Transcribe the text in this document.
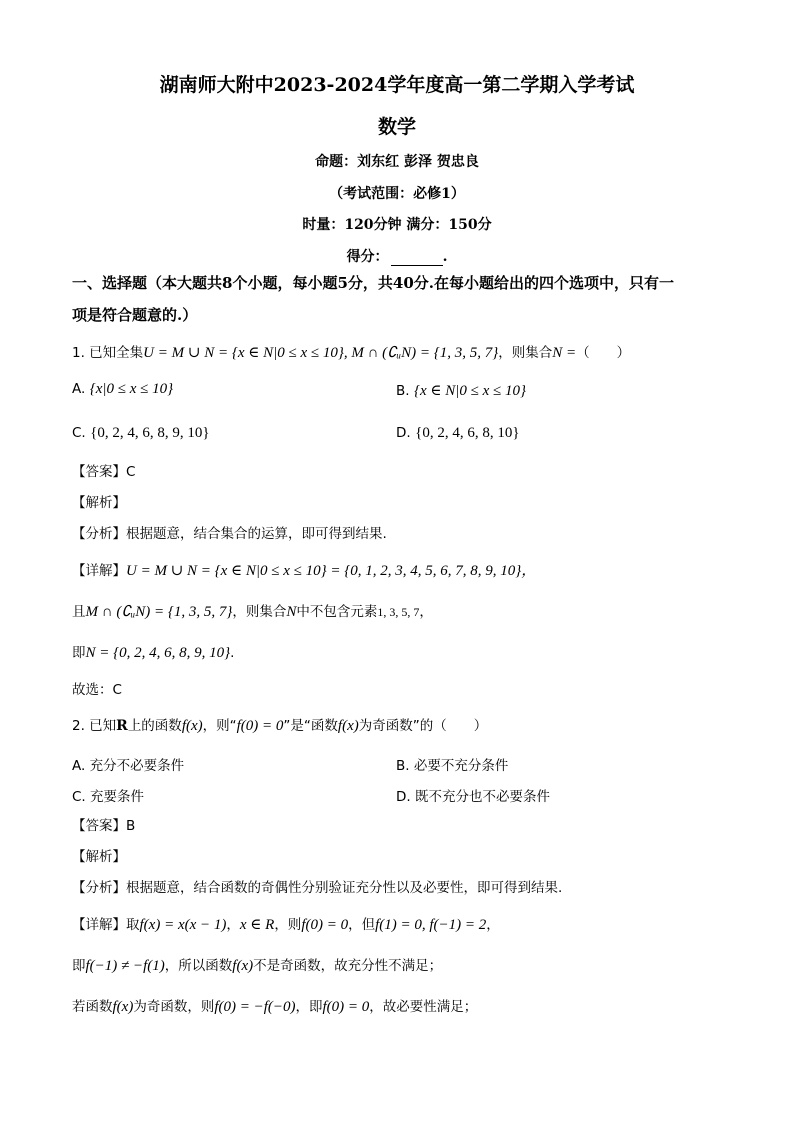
湖南师大附中2023-2024学年度高一第二学期入学考试
数学
命题：刘东红 彭泽 贺忠良
（考试范围：必修1）
时量：120分钟 满分：150分
得分：	.
一、选择题（本大题共8个小题，每小题5分，共40分.在每小题给出的四个选项中，只有一
项是符合题意的.）
1. 已知全集U = M ∪ N = {x ∈ N|0 ≤ x ≤ 10}, M ∩ (∁ᵤN) = {1, 3, 5, 7}，则集合N =（　　）
A. {x|0 ≤ x ≤ 10}	B. {x ∈ N|0 ≤ x ≤ 10}
C. {0, 2, 4, 6, 8, 9, 10}	D. {0, 2, 4, 6, 8, 10}
【答案】C
【解析】
【分析】根据题意，结合集合的运算，即可得到结果.
【详解】U = M ∪ N = {x ∈ N|0 ≤ x ≤ 10} = {0, 1, 2, 3, 4, 5, 6, 7, 8, 9, 10}，
且M ∩ (∁ᵤN) = {1, 3, 5, 7}，则集合N中不包含元素1, 3, 5, 7，
即N = {0, 2, 4, 6, 8, 9, 10}.
故选：C
2. 已知R上的函数f(x)，则“f(0) = 0”是“函数f(x)为奇函数”的（　　）
A. 充分不必要条件	B. 必要不充分条件
C. 充要条件	D. 既不充分也不必要条件
【答案】B
【解析】
【分析】根据题意，结合函数的奇偶性分别验证充分性以及必要性，即可得到结果.
【详解】取f(x) = x(x − 1)，x ∈ R，则f(0) = 0，但f(1) = 0, f(−1) = 2，
即f(−1) ≠ −f(1)，所以函数f(x)不是奇函数，故充分性不满足；
若函数f(x)为奇函数，则f(0) = −f(−0)，即f(0) = 0，故必要性满足；
